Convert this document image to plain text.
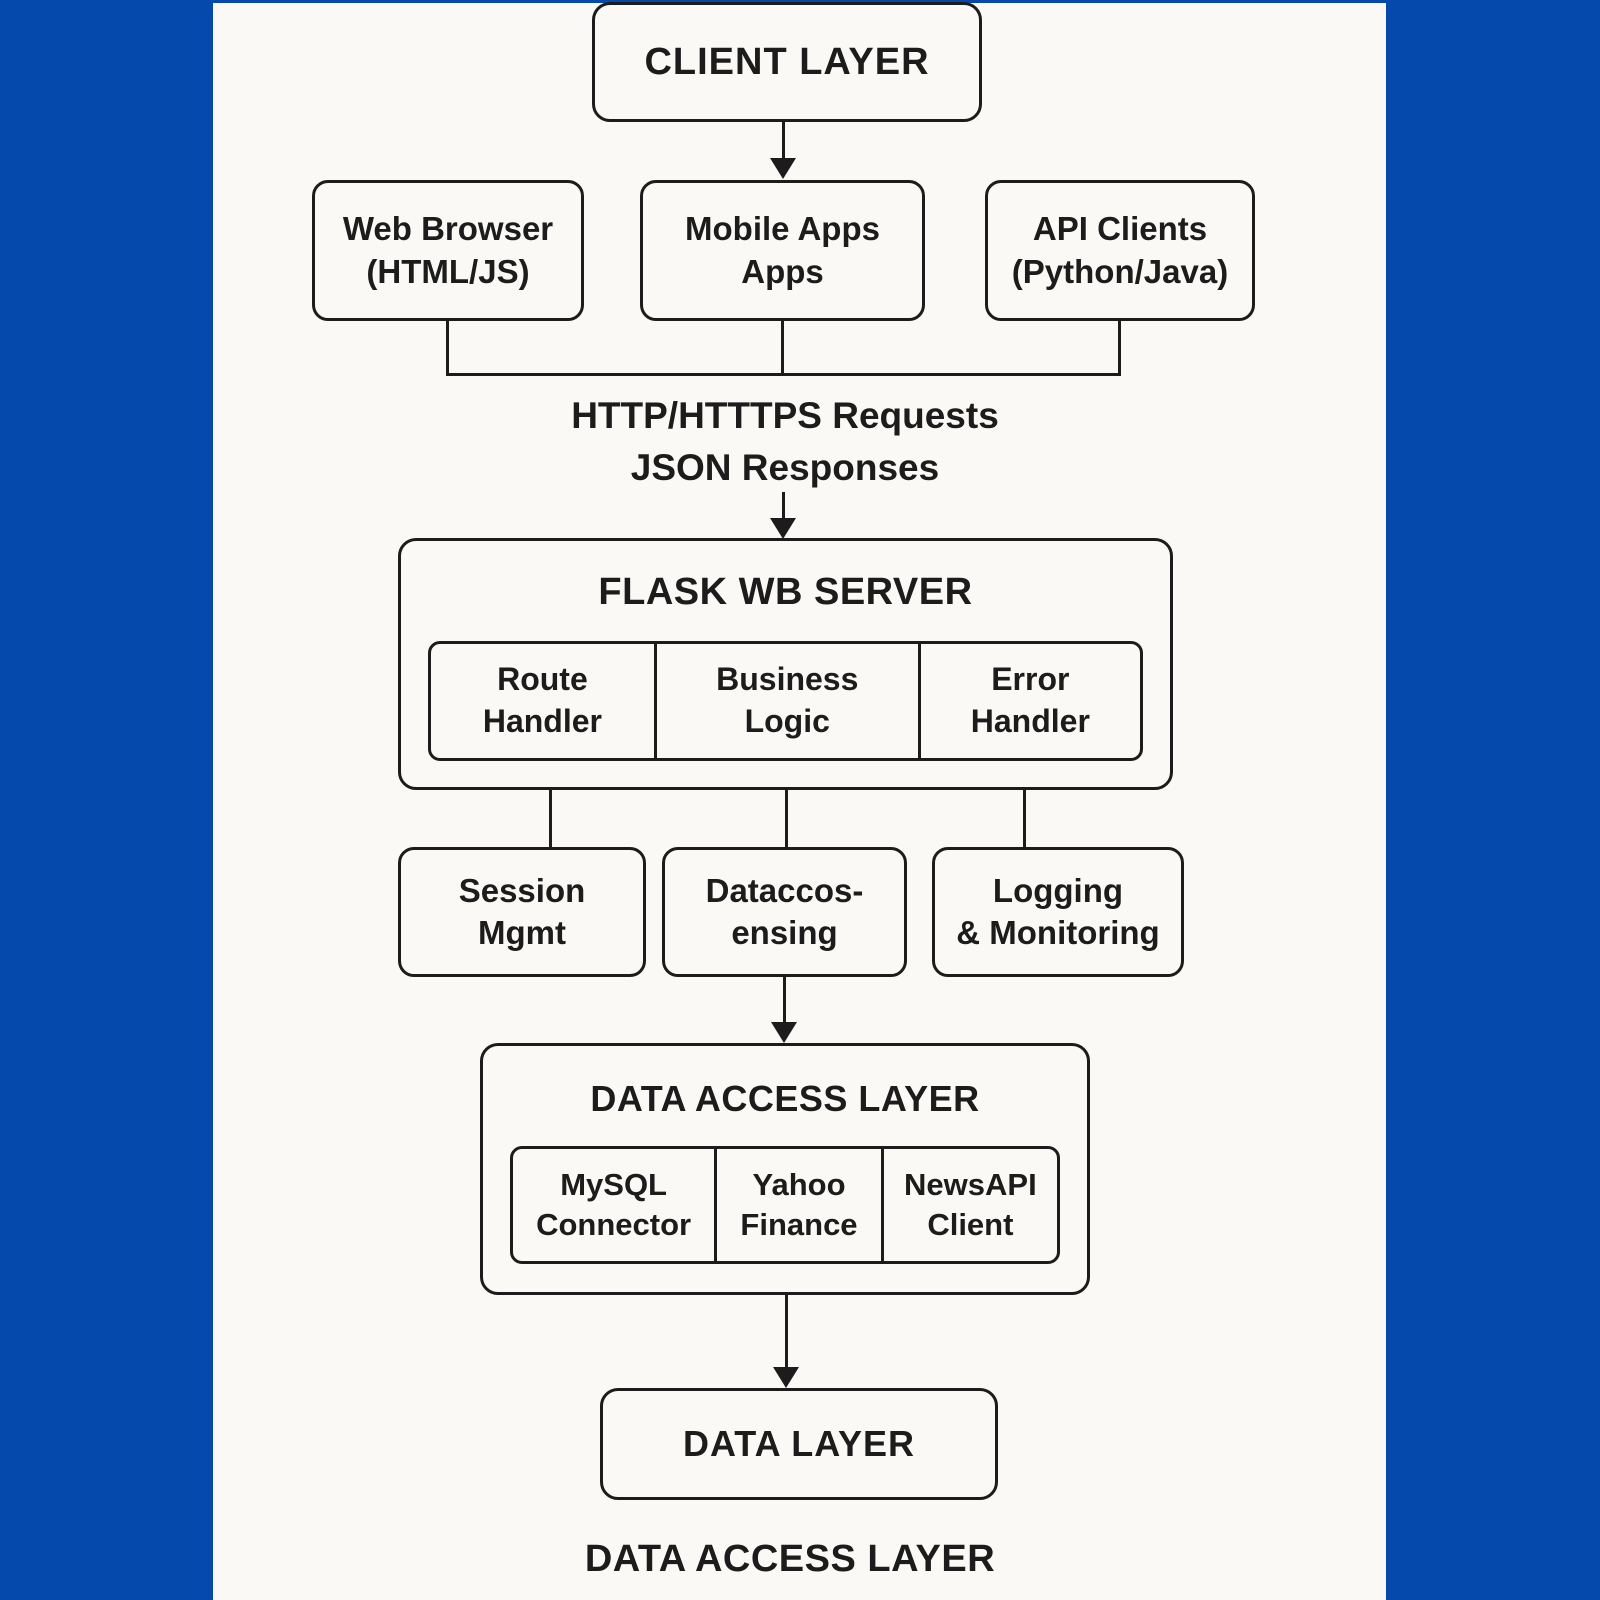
CLIENT LAYER
Web Browser
(HTML/JS)
Mobile Apps
Apps
API Clients
(Python/Java)
HTTP/HTTTPS Requests
JSON Responses
FLASK WB SERVER
Route
Handler
Business
Logic
Error
Handler
Session
Mgmt
Dataccos-
ensing
Logging
& Monitoring
DATA ACCESS LAYER
MySQL
Connector
Yahoo
Finance
NewsAPI
Client
DATA LAYER
DATA ACCESS LAYER
